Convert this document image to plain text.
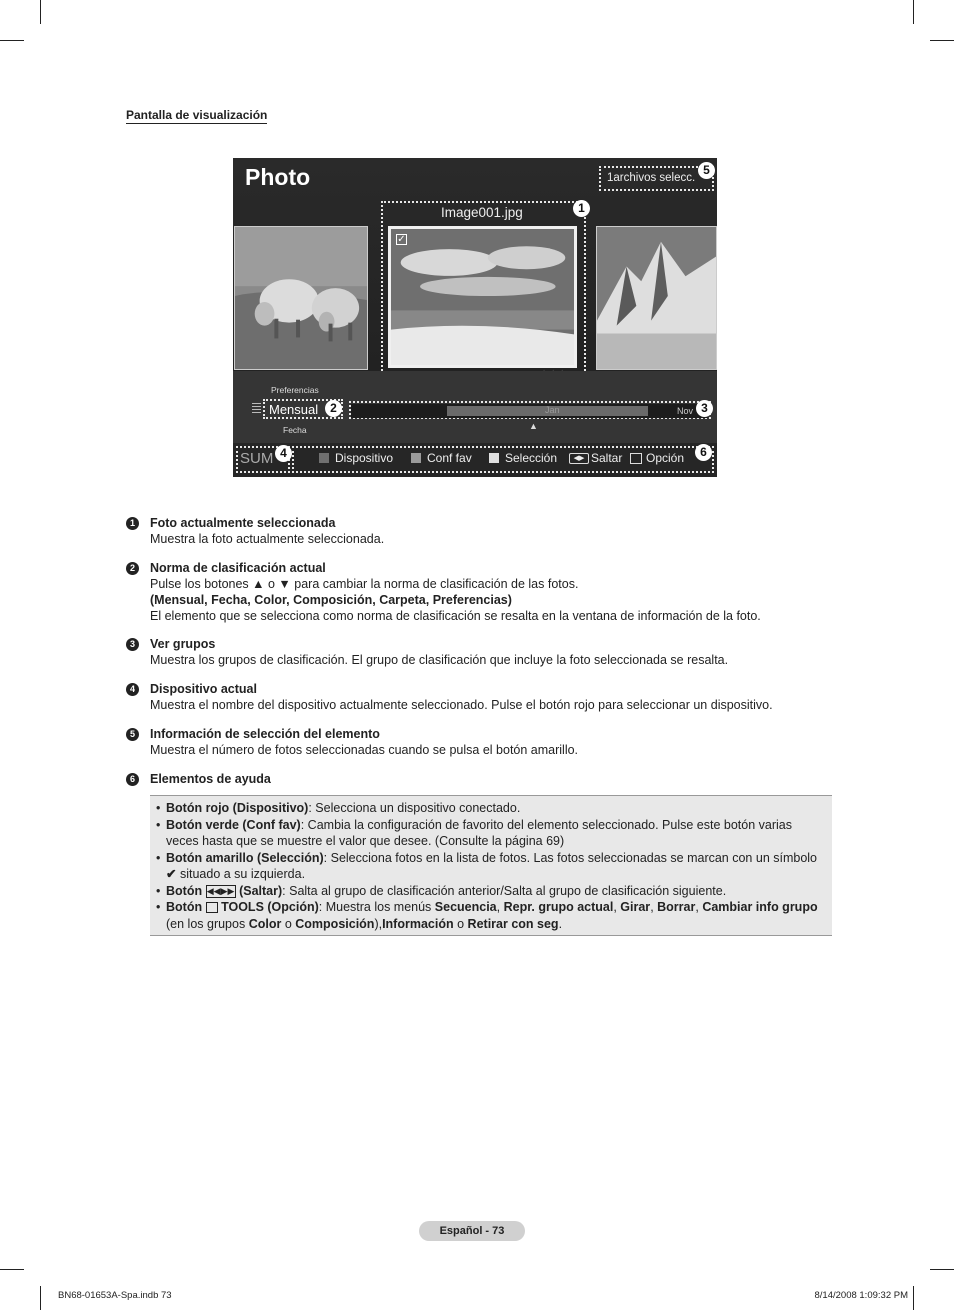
Pantalla de visualización
Photo	1archivos selecc.
5
Image001.jpg	1
✓
Preferencias
Mensual	2
Fecha
Jan	Nov 3
▲
SUM 4	Dispositivo	Conf fav	Selección	◀▶ Saltar Opción	6
1	Foto actualmente seleccionada
Muestra la foto actualmente seleccionada.
2	Norma de clasificación actual
Pulse los botones ▲ o ▼ para cambiar la norma de clasificación de las fotos.
(Mensual, Fecha, Color, Composición, Carpeta, Preferencias)
El elemento que se selecciona como norma de clasificación se resalta en la ventana de información de la foto.
3	Ver grupos
Muestra los grupos de clasificación. El grupo de clasificación que incluye la foto seleccionada se resalta.
4	Dispositivo actual
Muestra el nombre del dispositivo actualmente seleccionado. Pulse el botón rojo para seleccionar un dispositivo.
5	Información de selección del elemento
Muestra el número de fotos seleccionadas cuando se pulsa el botón amarillo.
6	Elementos de ayuda
• Botón rojo (Dispositivo): Selecciona un dispositivo conectado.
• Botón verde (Conf fav): Cambia la configuración de favorito del elemento seleccionado. Pulse este botón varias veces hasta que se muestre el valor que desee. (Consulte la página 69)
• Botón amarillo (Selección): Selecciona fotos en la lista de fotos. Las fotos seleccionadas se marcan con un símbolo ✔ situado a su izquierda.
• Botón ◀◀▶▶ (Saltar): Salta al grupo de clasificación anterior/Salta al grupo de clasificación siguiente.
• Botón TOOLS (Opción): Muestra los menús Secuencia, Repr. grupo actual, Girar, Borrar, Cambiar info grupo (en los grupos Color o Composición),Información o Retirar con seg.
Español - 73
BN68-01653A-Spa.indb 73	8/14/2008 1:09:32 PM
